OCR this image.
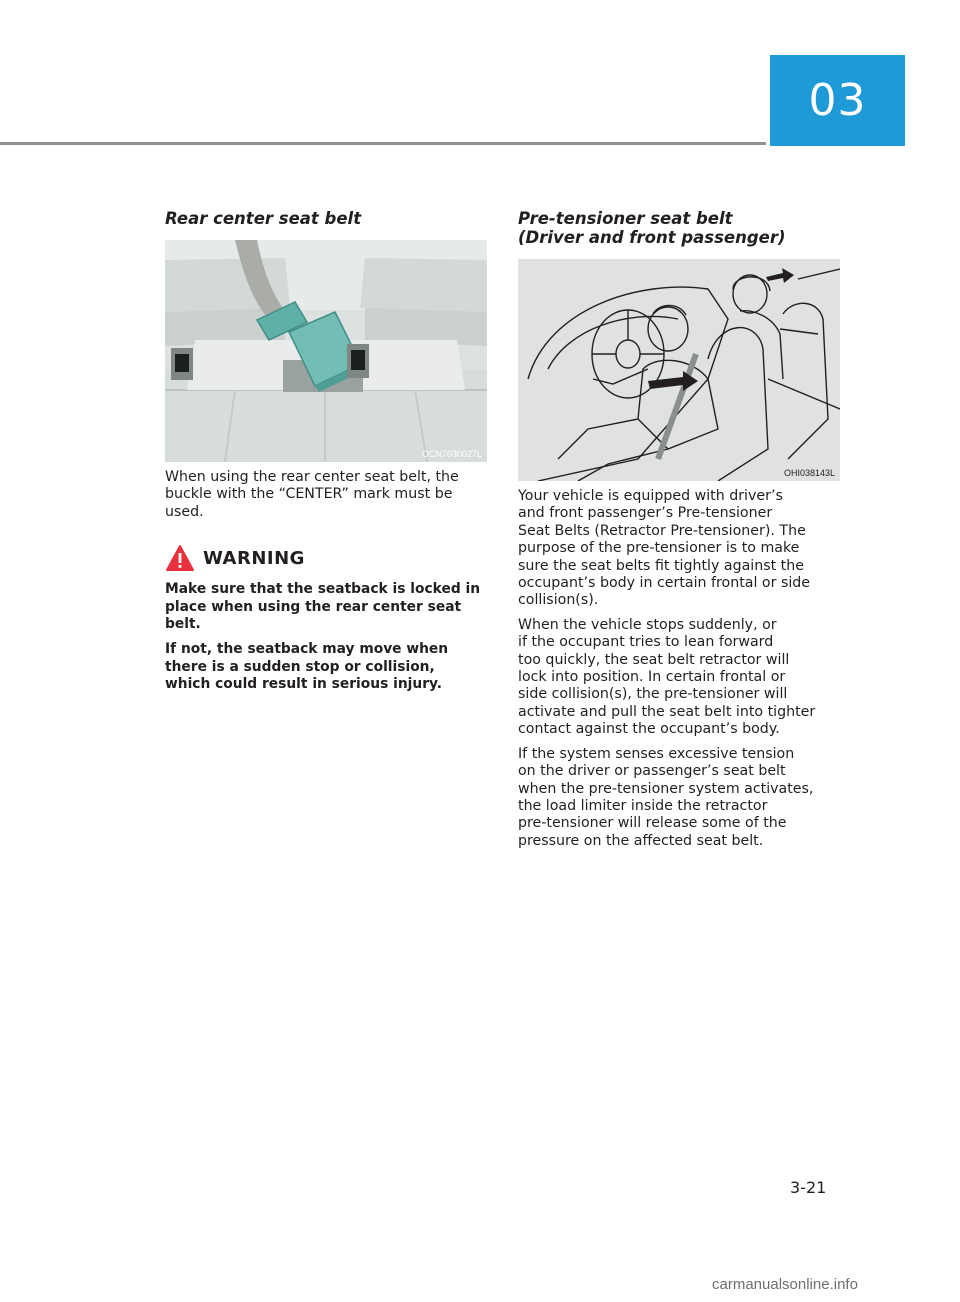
03
Rear center seat belt
OCN7030027L

When using the rear center seat belt, the
buckle with the “CENTER” mark must be
used.

WARNING

Make sure that the seatback is locked in
place when using the rear center seat
belt.

If not, the seatback may move when
there is a sudden stop or collision,
which could result in serious injury.

Pre-tensioner seat belt
(Driver and front passenger)
OHI038143L

Your vehicle is equipped with driver’s
and front passenger’s Pre-tensioner
Seat Belts (Retractor Pre-tensioner). The
purpose of the pre-tensioner is to make
sure the seat belts fit tightly against the
occupant’s body in certain frontal or side
collision(s).

When the vehicle stops suddenly, or
if the occupant tries to lean forward
too quickly, the seat belt retractor will
lock into position. In certain frontal or
side collision(s), the pre-tensioner will
activate and pull the seat belt into tighter
contact against the occupant’s body.

If the system senses excessive tension
on the driver or passenger’s seat belt
when the pre-tensioner system activates,
the load limiter inside the retractor
pre-tensioner will release some of the
pressure on the affected seat belt.

3-21
carmanualsonline.info
